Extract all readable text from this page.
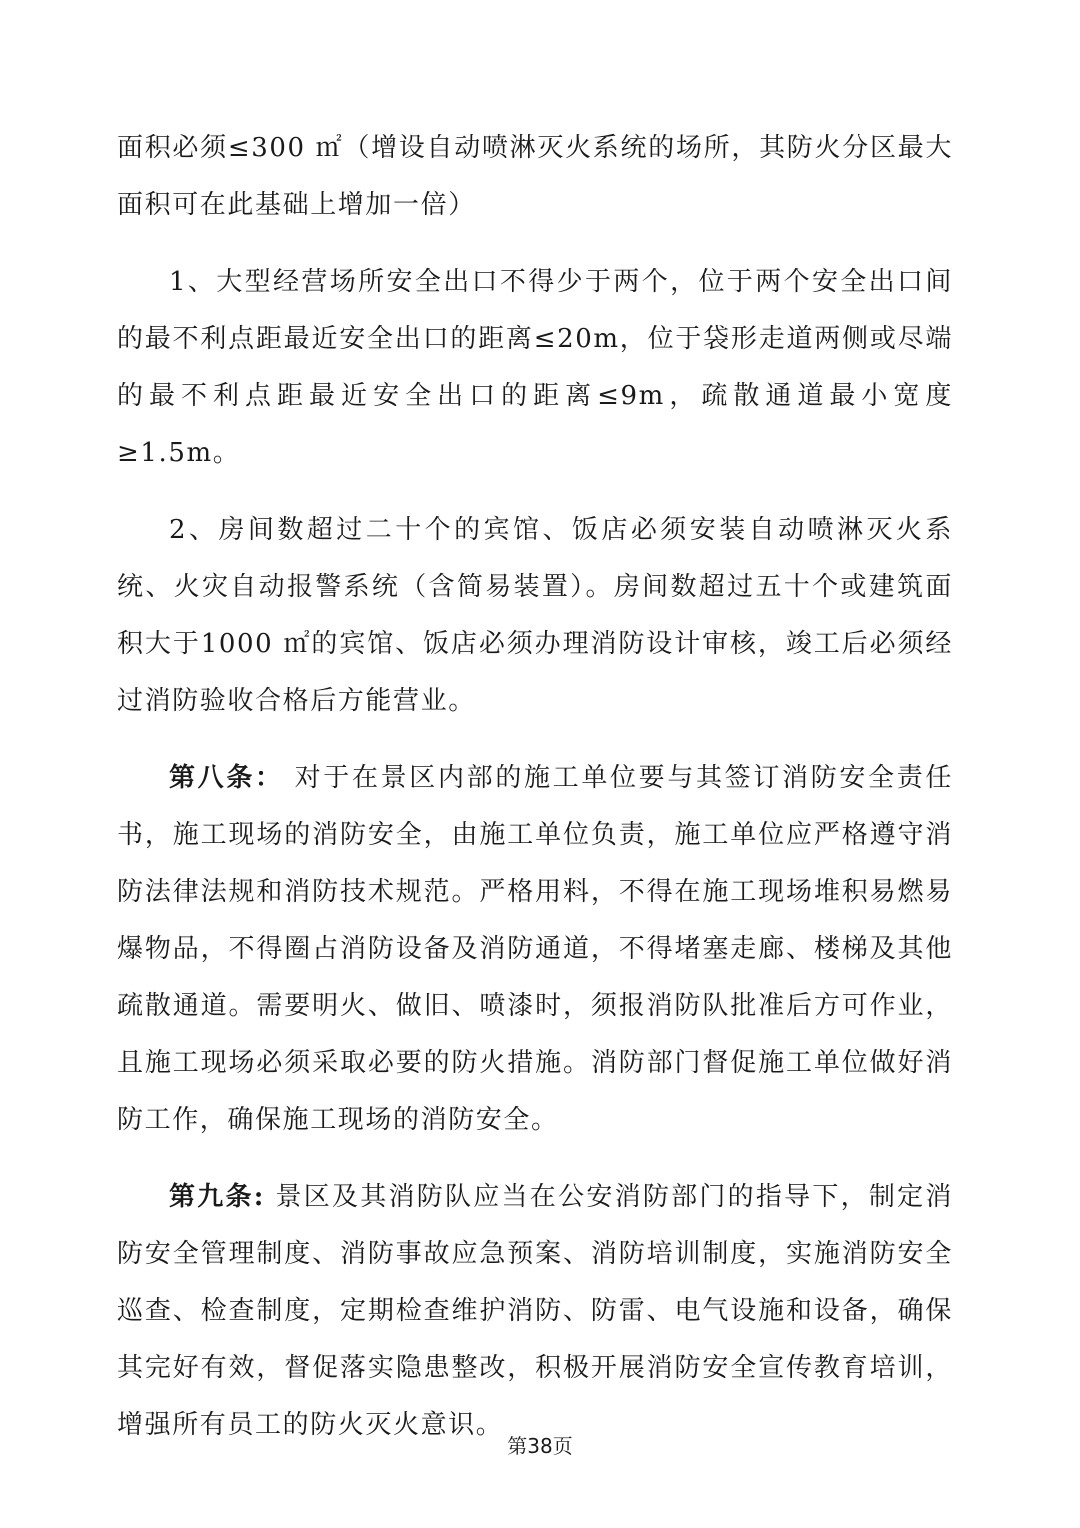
面积必须≤300 ㎡（增设自动喷淋灭火系统的场所，其防火分区最大面积可在此基础上增加一倍）

1、大型经营场所安全出口不得少于两个，位于两个安全出口间的最不利点距最近安全出口的距离≤20m，位于袋形走道两侧或尽端的最不利点距最近安全出口的距离≤9m，疏散通道最小宽度≥1.5m。

2、房间数超过二十个的宾馆、饭店必须安装自动喷淋灭火系统、火灾自动报警系统（含简易装置）。房间数超过五十个或建筑面积大于1000 ㎡的宾馆、饭店必须办理消防设计审核，竣工后必须经过消防验收合格后方能营业。

第八条： 对于在景区内部的施工单位要与其签订消防安全责任书，施工现场的消防安全，由施工单位负责，施工单位应严格遵守消防法律法规和消防技术规范。严格用料，不得在施工现场堆积易燃易爆物品，不得圈占消防设备及消防通道，不得堵塞走廊、楼梯及其他疏散通道。需要明火、做旧、喷漆时，须报消防队批准后方可作业，且施工现场必须采取必要的防火措施。消防部门督促施工单位做好消防工作，确保施工现场的消防安全。

第九条: 景区及其消防队应当在公安消防部门的指导下，制定消防安全管理制度、消防事故应急预案、消防培训制度，实施消防安全巡查、检查制度，定期检查维护消防、防雷、电气设施和设备，确保其完好有效，督促落实隐患整改，积极开展消防安全宣传教育培训，增强所有员工的防火灭火意识。

第38页
